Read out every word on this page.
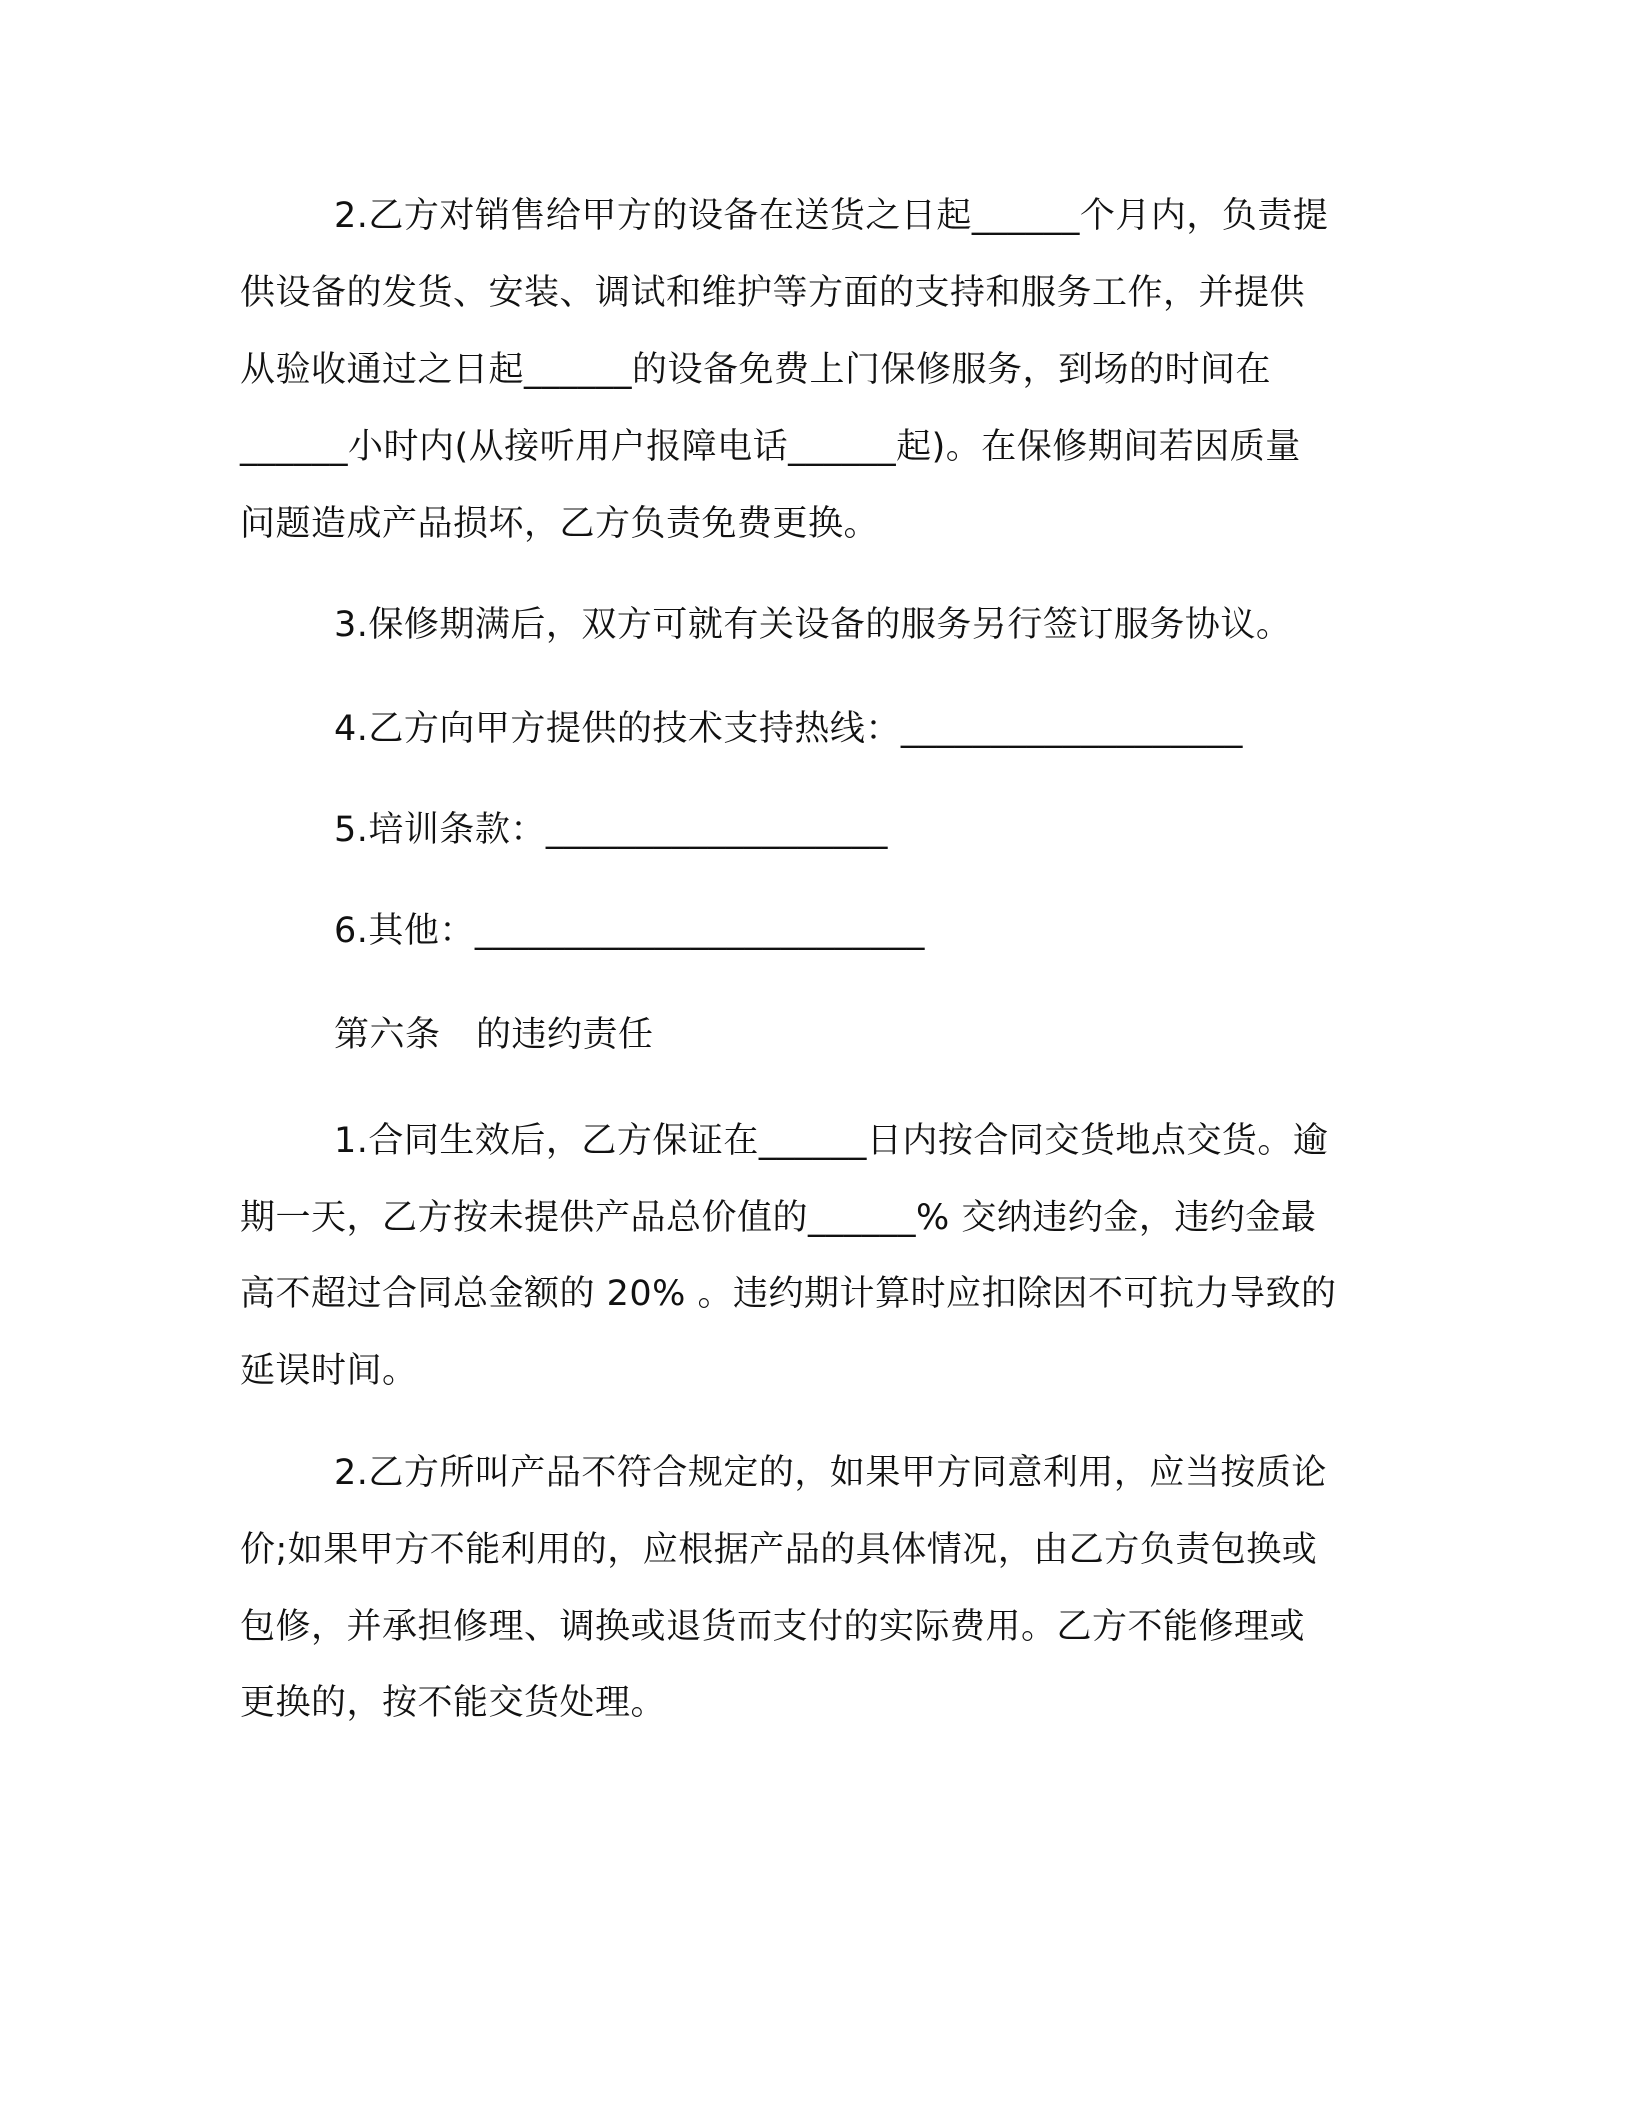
2.乙方对销售给甲方的设备在送货之日起______个月内，负责提
供设备的发货、安装、调试和维护等方面的支持和服务工作，并提供
从验收通过之日起______的设备免费上门保修服务，到场的时间在
______小时内(从接听用户报障电话______起)。在保修期间若因质量
问题造成产品损坏，乙方负责免费更换。
3.保修期满后，双方可就有关设备的服务另行签订服务协议。
4.乙方向甲方提供的技术支持热线：___________________
5.培训条款：___________________
6.其他：_________________________
第六条　的违约责任
1.合同生效后，乙方保证在______日内按合同交货地点交货。逾
期一天，乙方按未提供产品总价值的______% 交纳违约金，违约金最
高不超过合同总金额的 20% 。违约期计算时应扣除因不可抗力导致的
延误时间。
2.乙方所叫产品不符合规定的，如果甲方同意利用，应当按质论
价;如果甲方不能利用的，应根据产品的具体情况，由乙方负责包换或
包修，并承担修理、调换或退货而支付的实际费用。乙方不能修理或
更换的，按不能交货处理。
